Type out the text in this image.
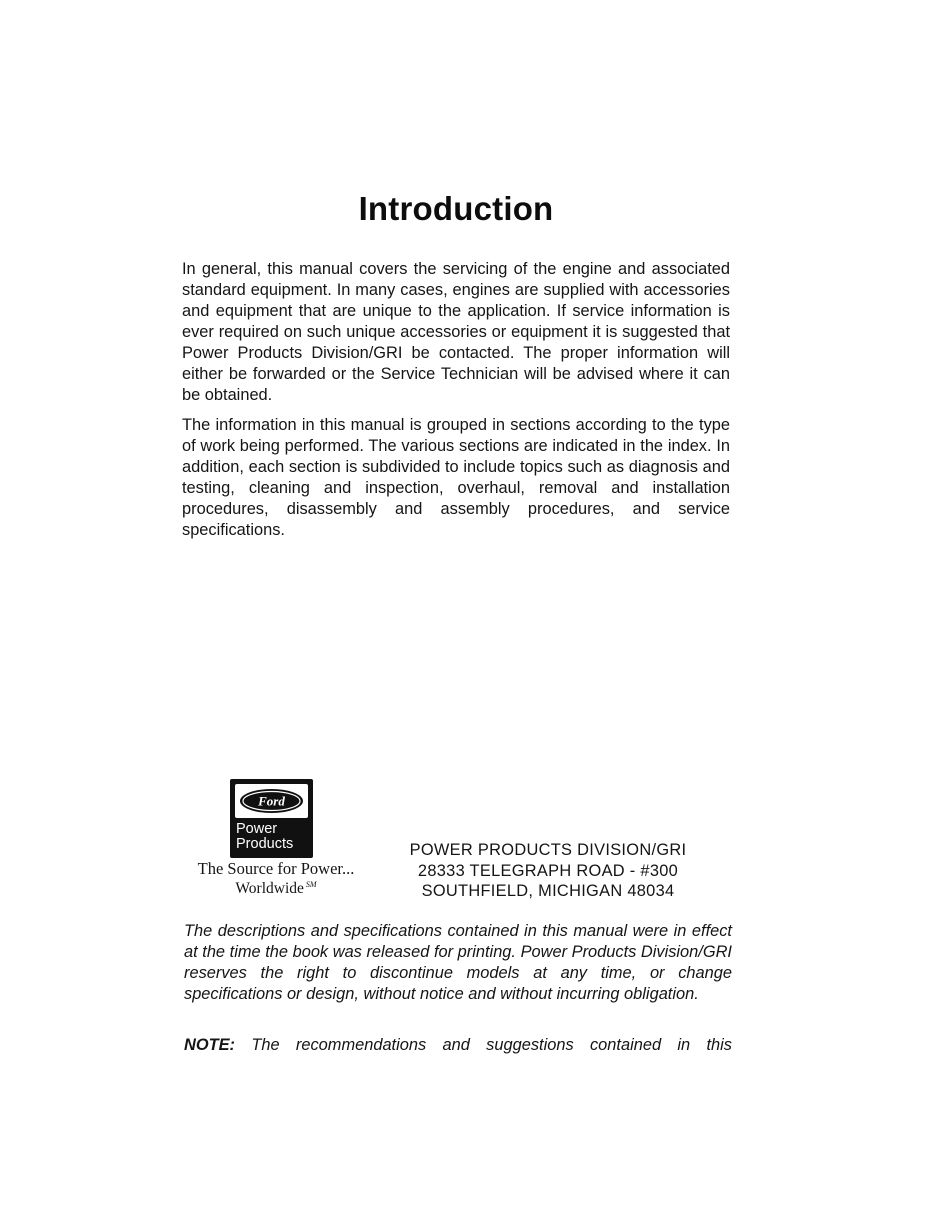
Introduction

In general, this manual covers the servicing of the engine and associated standard equipment. In many cases, engines are supplied with accessories and equipment that are unique to the application. If service information is ever required on such unique accessories or equipment it is suggested that Power Products Division/GRI be contacted. The proper information will either be forwarded or the Service Technician will be advised where it can be obtained.

The information in this manual is grouped in sections according to the type of work being performed. The various sections are indicated in the index. In addition, each section is subdivided to include topics such as diagnosis and testing, cleaning and inspection, overhaul, removal and installation procedures, disassembly and assembly procedures, and service specifications.

Ford
Power
Products
The Source for Power...
Worldwide ℠
POWER PRODUCTS DIVISION/GRI
28333 TELEGRAPH ROAD - #300
SOUTHFIELD, MICHIGAN 48034

The descriptions and specifications contained in this manual were in effect at the time the book was released for printing. Power Products Division/GRI reserves the right to discontinue models at any time, or change specifications or design, without notice and without incurring obligation.

NOTE: The recommendations and suggestions contained in this
